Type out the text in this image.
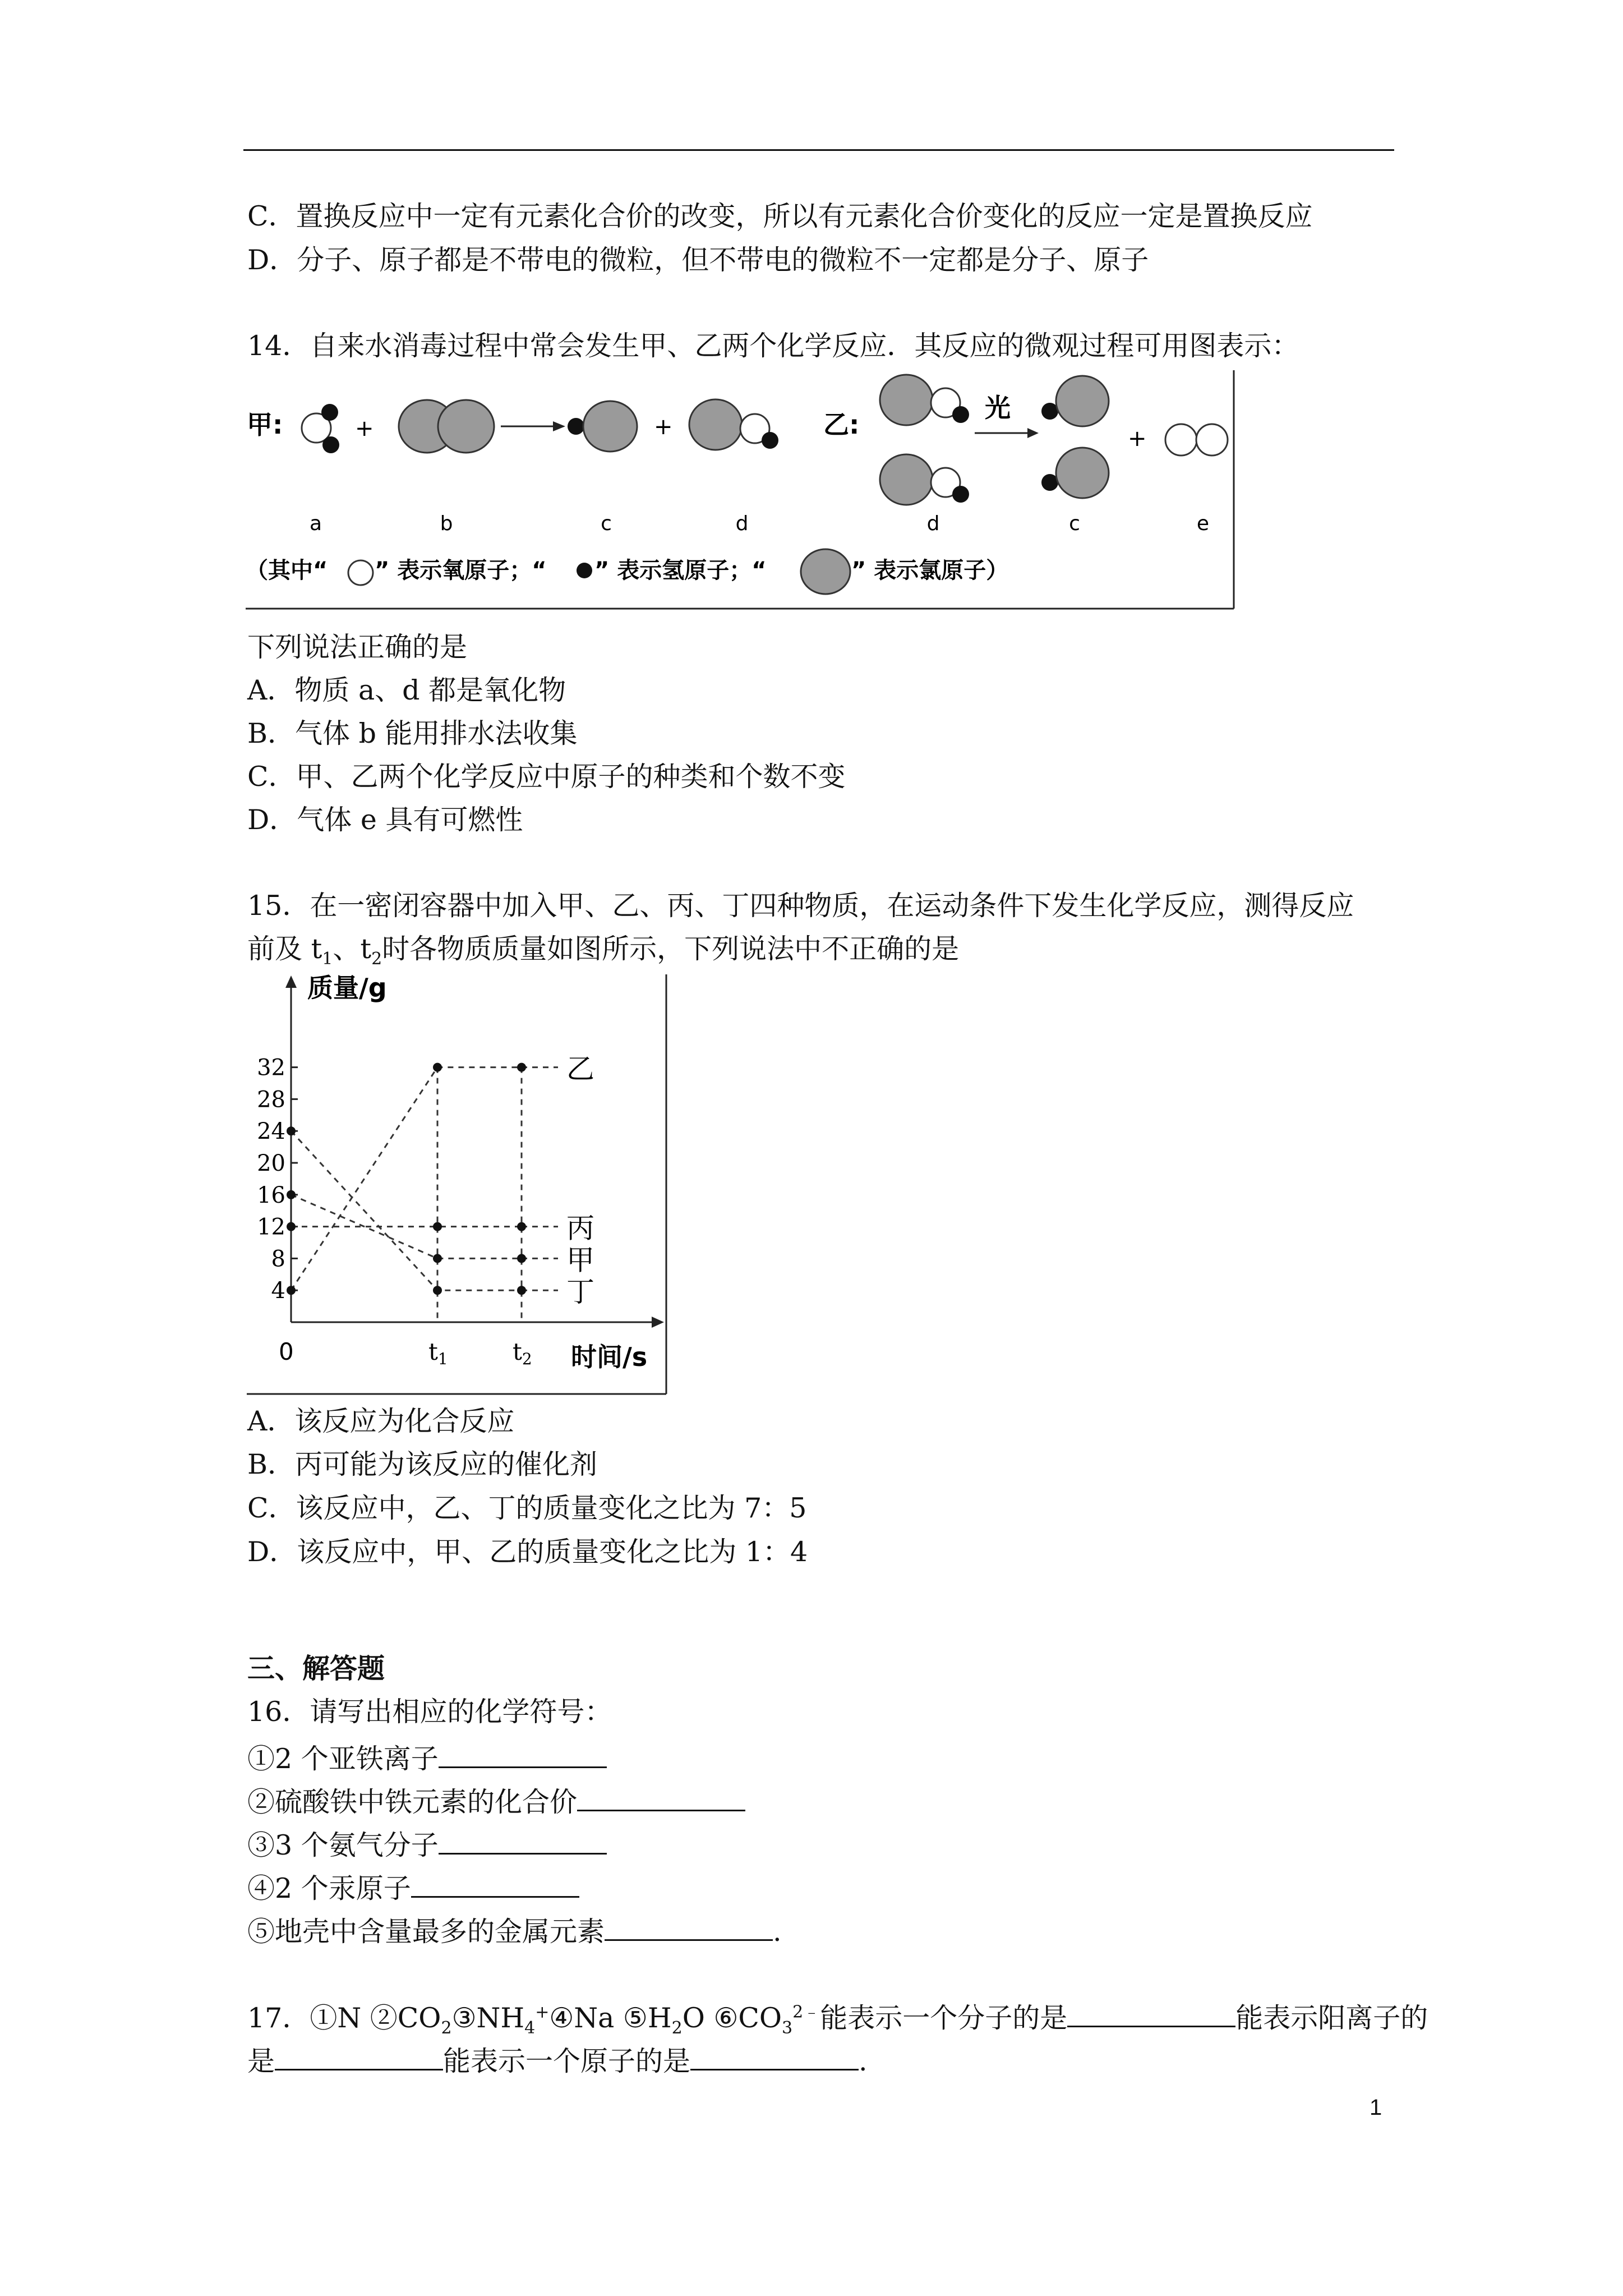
C．置换反应中一定有元素化合价的改变，所以有元素化合价变化的反应一定是置换反应
D．分子、原子都是不带电的微粒，但不带电的微粒不一定都是分子、原子
14．自来水消毒过程中常会发生甲、乙两个化学反应．其反应的微观过程可用图表示：
甲:	+	+	乙:
光
+
a	b	c	d	d	c	e
（其中“ ” 表示氧原子；“ ” 表示氢原子；“	” 表示氯原子）
下列说法正确的是
A．物质 a、d 都是氧化物
B．气体 b 能用排水法收集
C．甲、乙两个化学反应中原子的种类和个数不变
D．气体 e 具有可燃性
15．在一密闭容器中加入甲、乙、丙、丁四种物质，在运动条件下发生化学反应，测得反应
前及 $t_1$、$t_2$时各物质质量如图所示，下列说法中不正确的是
质量/g
4
8
12
16
20
24
28
32
0	t1	t2 时间/s
乙
丙
甲
丁
A．该反应为化合反应
B．丙可能为该反应的催化剂
C．该反应中，乙、丁的质量变化之比为 7：5
D．该反应中，甲、乙的质量变化之比为 1：4
三、解答题
16．请写出相应的化学符号：
①2 个亚铁离子
②硫酸铁中铁元素的化合价
③3 个氨气分子
④2 个汞原子
⑤地壳中含量最多的金属元素	.
17．①N $②CO_2③NH_4^+④Na$ $⑤H_2O$ $⑥CO_3^{2﹣}$能表示一个分子的是	能表示阳离子的
是	能表示一个原子的是	.
1
